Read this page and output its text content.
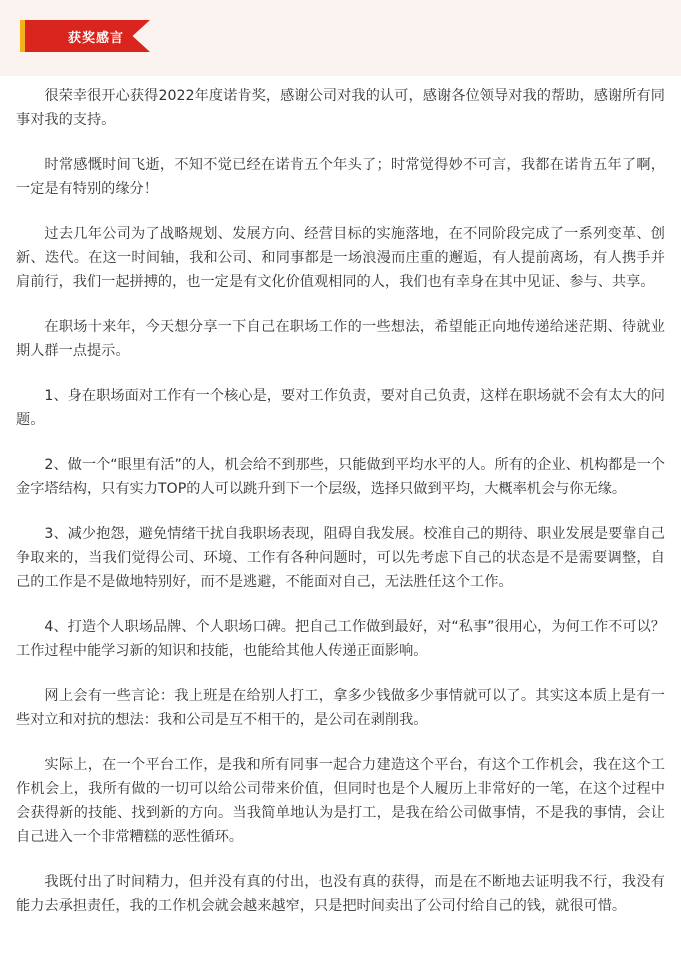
获奖感言

很荣幸很开心获得2022年度诺肯奖，感谢公司对我的认可，感谢各位领导对我的帮助，感谢所有同事对我的支持。

时常感慨时间飞逝，不知不觉已经在诺肯五个年头了；时常觉得妙不可言，我都在诺肯五年了啊，一定是有特别的缘分！

过去几年公司为了战略规划、发展方向、经营目标的实施落地，在不同阶段完成了一系列变革、创新、迭代。在这一时间轴，我和公司、和同事都是一场浪漫而庄重的邂逅，有人提前离场，有人携手并肩前行，我们一起拼搏的，也一定是有文化价值观相同的人，我们也有幸身在其中见证、参与、共享。

在职场十来年，今天想分享一下自己在职场工作的一些想法，希望能正向地传递给迷茫期、待就业期人群一点提示。

1、身在职场面对工作有一个核心是，要对工作负责，要对自己负责，这样在职场就不会有太大的问题。

2、做一个“眼里有活”的人，机会给不到那些，只能做到平均水平的人。所有的企业、机构都是一个金字塔结构，只有实力TOP的人可以跳升到下一个层级，选择只做到平均，大概率机会与你无缘。

3、减少抱怨，避免情绪干扰自我职场表现，阻碍自我发展。校准自己的期待、职业发展是要靠自己争取来的，当我们觉得公司、环境、工作有各种问题时，可以先考虑下自己的状态是不是需要调整，自己的工作是不是做地特别好，而不是逃避，不能面对自己，无法胜任这个工作。

4、打造个人职场品牌、个人职场口碑。把自己工作做到最好，对“私事”很用心，为何工作不可以？工作过程中能学习新的知识和技能，也能给其他人传递正面影响。

网上会有一些言论：我上班是在给别人打工，拿多少钱做多少事情就可以了。其实这本质上是有一些对立和对抗的想法：我和公司是互不相干的，是公司在剥削我。

实际上，在一个平台工作，是我和所有同事一起合力建造这个平台，有这个工作机会，我在这个工作机会上，我所有做的一切可以给公司带来价值，但同时也是个人履历上非常好的一笔，在这个过程中会获得新的技能、找到新的方向。当我简单地认为是打工，是我在给公司做事情，不是我的事情，会让自己进入一个非常糟糕的恶性循环。

我既付出了时间精力，但并没有真的付出，也没有真的获得，而是在不断地去证明我不行，我没有能力去承担责任，我的工作机会就会越来越窄，只是把时间卖出了公司付给自己的钱，就很可惜。
